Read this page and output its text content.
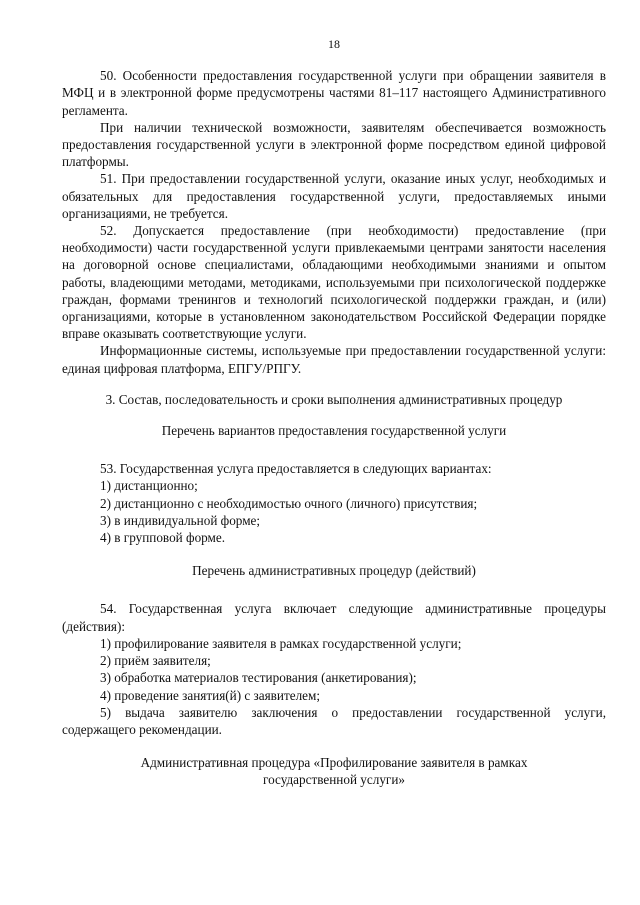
18

50. Особенности предоставления государственной услуги при обращении заявителя в МФЦ и в электронной форме предусмотрены частями 81–117 настоящего Административного регламента.

При наличии технической возможности, заявителям обеспечивается возможность предоставления государственной услуги в электронной форме посредством единой цифровой платформы.

51. При предоставлении государственной услуги, оказание иных услуг, необходимых и обязательных для предоставления государственной услуги, предоставляемых иными организациями, не требуется.

52. Допускается предоставление (при необходимости) предоставление (при необходимости) части государственной услуги привлекаемыми центрами занятости населения на договорной основе специалистами, обладающими необходимыми знаниями и опытом работы, владеющими методами, методиками, используемыми при психологической поддержке граждан, формами тренингов и технологий психологической поддержки граждан, и (или) организациями, которые в установленном законодательством Российской Федерации порядке вправе оказывать соответствующие услуги.

Информационные системы, используемые при предоставлении государственной услуги: единая цифровая платформа, ЕПГУ/РПГУ.

3. Состав, последовательность и сроки выполнения административных процедур
Перечень вариантов предоставления государственной услуги

53. Государственная услуга предоставляется в следующих вариантах:

1) дистанционно;

2) дистанционно с необходимостью очного (личного) присутствия;

3) в индивидуальной форме;

4) в групповой форме.

Перечень административных процедур (действий)

54. Государственная услуга включает следующие административные процедуры (действия):

1) профилирование заявителя в рамках государственной услуги;

2) приём заявителя;

3) обработка материалов тестирования (анкетирования);

4) проведение занятия(й) с заявителем;

5) выдача заявителю заключения о предоставлении государственной услуги, содержащего рекомендации.

Административная процедура «Профилирование заявителя в рамках
государственной услуги»
